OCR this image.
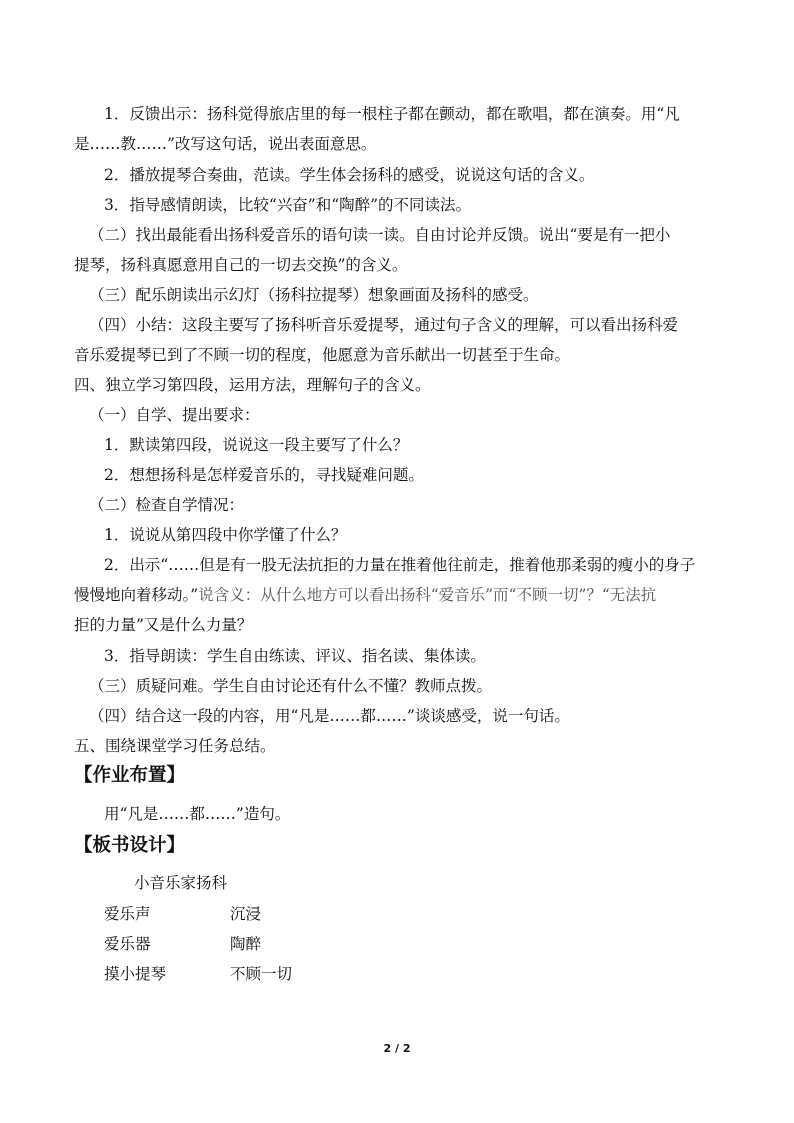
1．反馈出示：扬科觉得旅店里的每一根柱子都在颤动，都在歌唱，都在演奏。用“凡

是……教……”改写这句话，说出表面意思。

2．播放提琴合奏曲，范读。学生体会扬科的感受，说说这句话的含义。

3．指导感情朗读，比较“兴奋”和“陶醉”的不同读法。

（二）找出最能看出扬科爱音乐的语句读一读。自由讨论并反馈。说出“要是有一把小

提琴，扬科真愿意用自己的一切去交换”的含义。

（三）配乐朗读出示幻灯（扬科拉提琴）想象画面及扬科的感受。

（四）小结：这段主要写了扬科听音乐爱提琴，通过句子含义的理解，可以看出扬科爱

音乐爱提琴已到了不顾一切的程度，他愿意为音乐献出一切甚至于生命。

四、独立学习第四段，运用方法，理解句子的含义。

（一）自学、提出要求：

1．默读第四段，说说这一段主要写了什么？

2．想想扬科是怎样爱音乐的，寻找疑难问题。

（二）检查自学情况：

1．说说从第四段中你学懂了什么？

2．出示“……但是有一股无法抗拒的力量在推着他往前走，推着他那柔弱的瘦小的身子

慢慢地向着移动。”说含义：从什么地方可以看出扬科“爱音乐”而“不顾一切”？“无法抗

拒的力量”又是什么力量？

3．指导朗读：学生自由练读、评议、指名读、集体读。

（三）质疑问难。学生自由讨论还有什么不懂？教师点拨。

（四）结合这一段的内容，用“凡是……都……”谈谈感受，说一句话。

五、围绕课堂学习任务总结。

【作业布置】

用“凡是……都……”造句。

【板书设计】

小音乐家扬科
爱乐声	沉浸
爱乐器	陶醉
摸小提琴	不顾一切
2 / 2
